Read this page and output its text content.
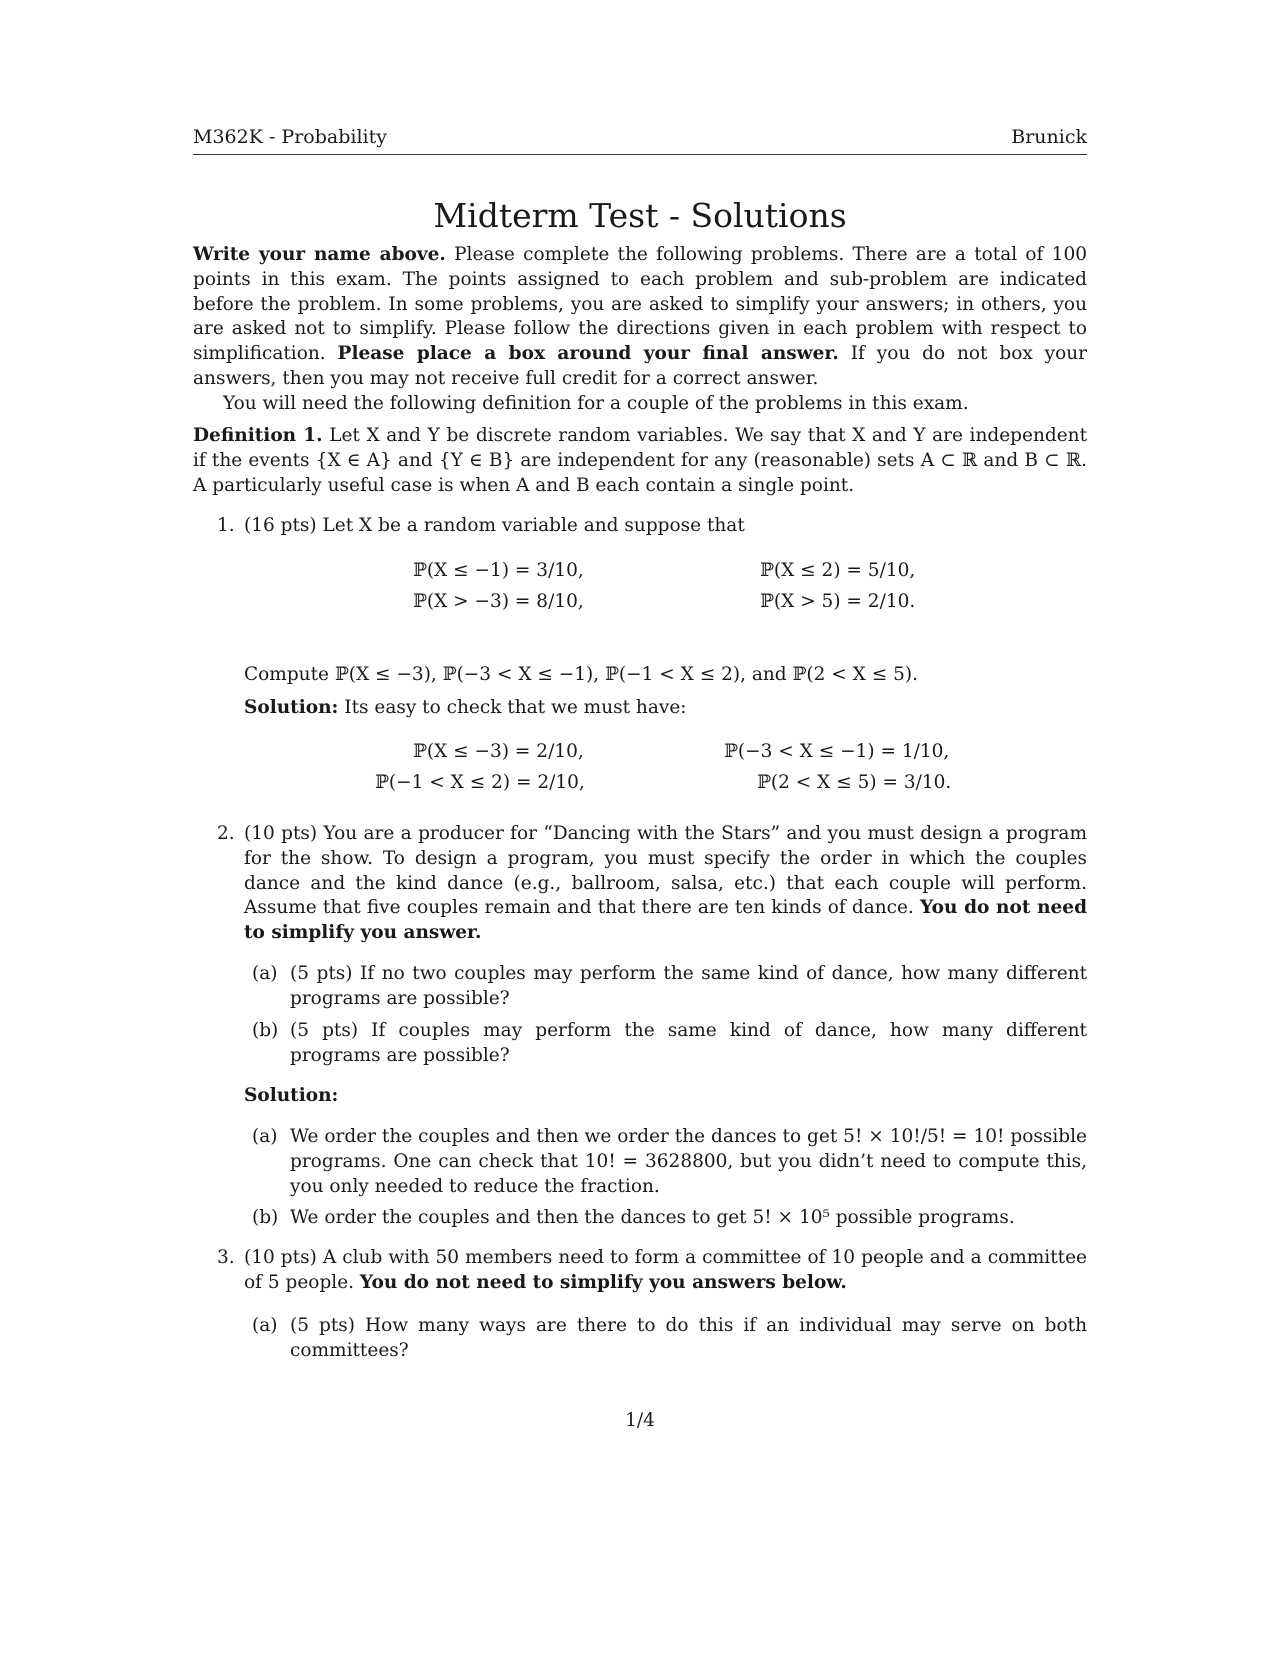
M362K - Probability	Brunick
Midterm Test - Solutions
Write your name above. Please complete the following problems. There are a total of 100 points in this exam. The points assigned to each problem and sub-problem are indicated before the problem. In some problems, you are asked to simplify your answers; in others, you are asked not to simplify. Please follow the directions given in each problem with respect to simplification. Please place a box around your final answer. If you do not box your answers, then you may not receive full credit for a correct answer.
You will need the following definition for a couple of the problems in this exam.
Definition 1. Let X and Y be discrete random variables. We say that X and Y are independent if the events {X ∈ A} and {Y ∈ B} are independent for any (reasonable) sets A ⊂ ℝ and B ⊂ ℝ. A particularly useful case is when A and B each contain a single point.
1. (16 pts) Let X be a random variable and suppose that
ℙ(X ≤ −1) = 3/10,	ℙ(X ≤ 2) = 5/10,
ℙ(X > −3) = 8/10,	ℙ(X > 5) = 2/10.
Compute ℙ(X ≤ −3), ℙ(−3 < X ≤ −1), ℙ(−1 < X ≤ 2), and ℙ(2 < X ≤ 5).
Solution: Its easy to check that we must have:
ℙ(X ≤ −3) = 2/10,	ℙ(−3 < X ≤ −1) = 1/10,
ℙ(−1 < X ≤ 2) = 2/10,	ℙ(2 < X ≤ 5) = 3/10.
2. (10 pts) You are a producer for “Dancing with the Stars” and you must design a program for the show. To design a program, you must specify the order in which the couples dance and the kind dance (e.g., ballroom, salsa, etc.) that each couple will perform. Assume that five couples remain and that there are ten kinds of dance. You do not need to simplify you answer.
(a) (5 pts) If no two couples may perform the same kind of dance, how many different programs are possible?
(b) (5 pts) If couples may perform the same kind of dance, how many different programs are possible?
Solution:
(a) We order the couples and then we order the dances to get 5! × 10!/5! = 10! possible programs. One can check that 10! = 3628800, but you didn’t need to compute this, you only needed to reduce the fraction.
(b) We order the couples and then the dances to get 5! × 10⁵ possible programs.
3. (10 pts) A club with 50 members need to form a committee of 10 people and a committee of 5 people. You do not need to simplify you answers below.
(a) (5 pts) How many ways are there to do this if an individual may serve on both committees?
1/4
